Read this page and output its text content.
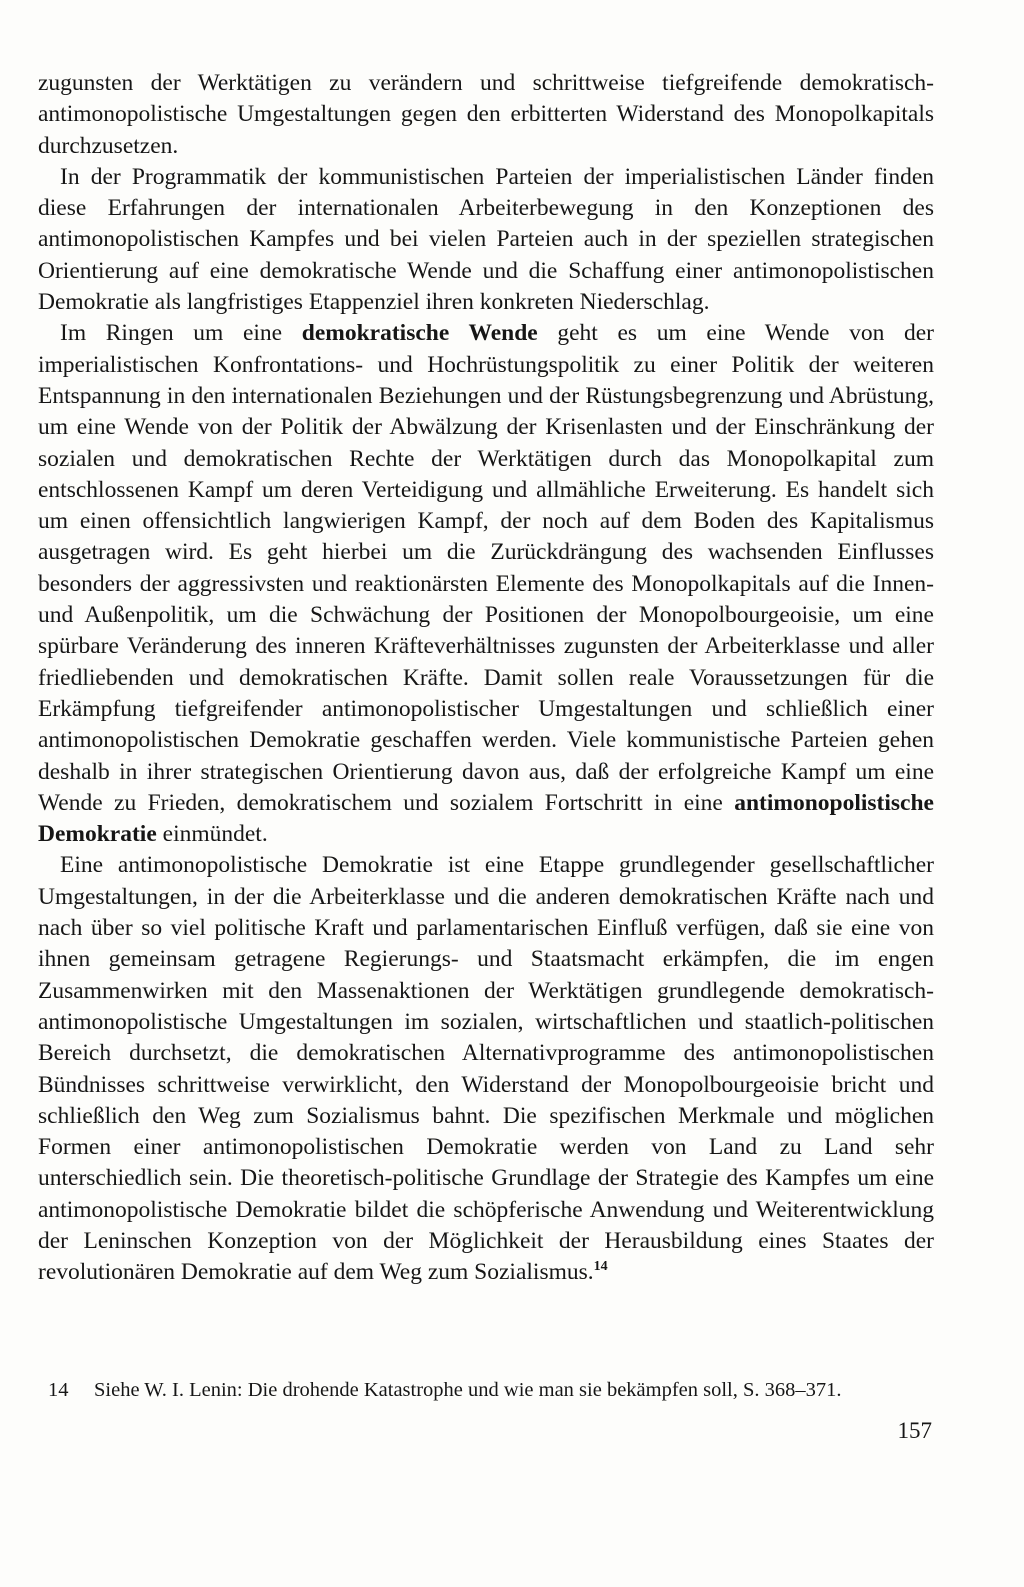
zugunsten der Werktätigen zu verändern und schrittweise tiefgreifende demokratisch-antimonopolistische Umgestaltungen gegen den erbitterten Widerstand des Monopolkapitals durchzusetzen.

In der Programmatik der kommunistischen Parteien der imperialistischen Länder finden diese Erfahrungen der internationalen Arbeiterbewegung in den Konzeptionen des antimonopolistischen Kampfes und bei vielen Parteien auch in der speziellen strategischen Orientierung auf eine demokratische Wende und die Schaffung einer antimonopolistischen Demokratie als langfristiges Etappenziel ihren konkreten Niederschlag.

Im Ringen um eine demokratische Wende geht es um eine Wende von der imperialistischen Konfrontations- und Hochrüstungspolitik zu einer Politik der weiteren Entspannung in den internationalen Beziehungen und der Rüstungsbegrenzung und Abrüstung, um eine Wende von der Politik der Abwälzung der Krisenlasten und der Einschränkung der sozialen und demokratischen Rechte der Werktätigen durch das Monopolkapital zum entschlossenen Kampf um deren Verteidigung und allmähliche Erweiterung. Es handelt sich um einen offensichtlich langwierigen Kampf, der noch auf dem Boden des Kapitalismus ausgetragen wird. Es geht hierbei um die Zurückdrängung des wachsenden Einflusses besonders der aggressivsten und reaktionärsten Elemente des Monopolkapitals auf die Innen- und Außenpolitik, um die Schwächung der Positionen der Monopolbourgeoisie, um eine spürbare Veränderung des inneren Kräfteverhältnisses zugunsten der Arbeiterklasse und aller friedliebenden und demokratischen Kräfte. Damit sollen reale Voraussetzungen für die Erkämpfung tiefgreifender antimonopolistischer Umgestaltungen und schließlich einer antimonopolistischen Demokratie geschaffen werden. Viele kommunistische Parteien gehen deshalb in ihrer strategischen Orientierung davon aus, daß der erfolgreiche Kampf um eine Wende zu Frieden, demokratischem und sozialem Fortschritt in eine antimonopolistische Demokratie einmündet.

Eine antimonopolistische Demokratie ist eine Etappe grundlegender gesellschaftlicher Umgestaltungen, in der die Arbeiterklasse und die anderen demokratischen Kräfte nach und nach über so viel politische Kraft und parlamentarischen Einfluß verfügen, daß sie eine von ihnen gemeinsam getragene Regierungs- und Staatsmacht erkämpfen, die im engen Zusammenwirken mit den Massenaktionen der Werktätigen grundlegende demokratisch-antimonopolistische Umgestaltungen im sozialen, wirtschaftlichen und staatlich-politischen Bereich durchsetzt, die demokratischen Alternativprogramme des antimonopolistischen Bündnisses schrittweise verwirklicht, den Widerstand der Monopolbourgeoisie bricht und schließlich den Weg zum Sozialismus bahnt. Die spezifischen Merkmale und möglichen Formen einer antimonopolistischen Demokratie werden von Land zu Land sehr unterschiedlich sein. Die theoretisch-politische Grundlage der Strategie des Kampfes um eine antimonopolistische Demokratie bildet die schöpferische Anwendung und Weiterentwicklung der Leninschen Konzeption von der Möglichkeit der Herausbildung eines Staates der revolutionären Demokratie auf dem Weg zum Sozialismus.$^{14}$

14 Siehe W. I. Lenin: Die drohende Katastrophe und wie man sie bekämpfen soll, S. 368–371.
157
